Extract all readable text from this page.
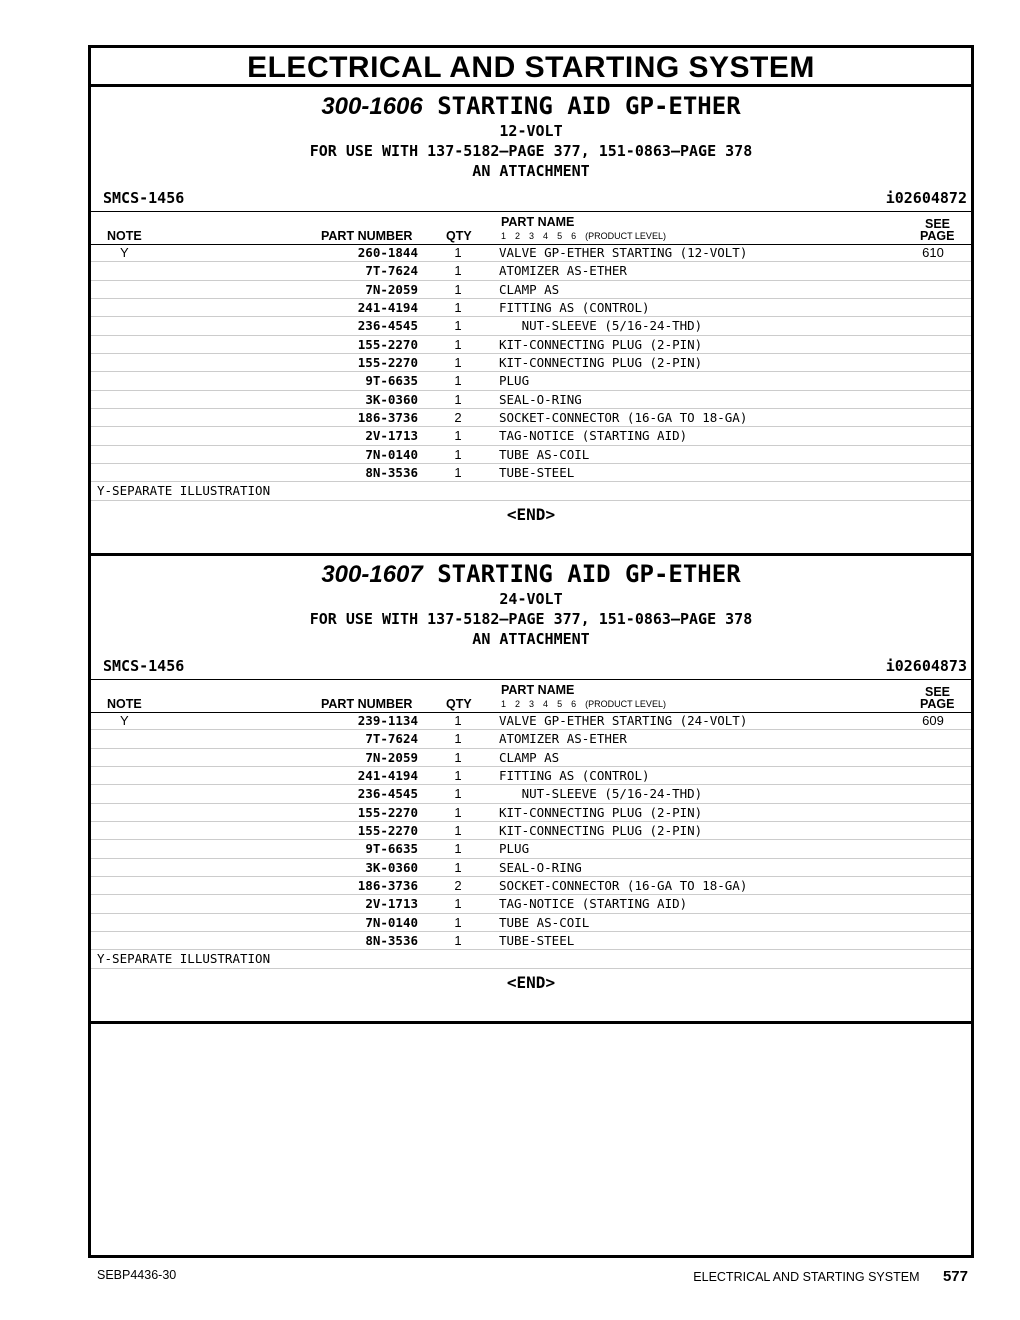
ELECTRICAL AND STARTING SYSTEM
300-1606 STARTING AID GP-ETHER
12-VOLT
FOR USE WITH 137-5182—PAGE 377, 151-0863—PAGE 378
AN ATTACHMENT
SMCS-1456	i02604872
NOTE	PART NUMBER	QTY
PART NAME
1 2 3 4 5 6 (PRODUCT LEVEL)
SEE
PAGE
Y	260-1844	1	VALVE GP-ETHER STARTING (12-VOLT)	610
7T-7624	1	ATOMIZER AS-ETHER
7N-2059	1	CLAMP AS
241-4194	1	FITTING AS (CONTROL)
236-4545	1	NUT-SLEEVE (5/16-24-THD)
155-2270	1	KIT-CONNECTING PLUG (2-PIN)
155-2270	1	KIT-CONNECTING PLUG (2-PIN)
9T-6635	1	PLUG
3K-0360	1	SEAL-O-RING
186-3736	2	SOCKET-CONNECTOR (16-GA TO 18-GA)
2V-1713	1	TAG-NOTICE (STARTING AID)
7N-0140	1	TUBE AS-COIL
8N-3536	1	TUBE-STEEL
Y-SEPARATE ILLUSTRATION
<END>
300-1607 STARTING AID GP-ETHER
24-VOLT
FOR USE WITH 137-5182—PAGE 377, 151-0863—PAGE 378
AN ATTACHMENT
SMCS-1456	i02604873
NOTE	PART NUMBER	QTY
PART NAME
1 2 3 4 5 6 (PRODUCT LEVEL)
SEE
PAGE
Y	239-1134	1	VALVE GP-ETHER STARTING (24-VOLT)	609
7T-7624	1	ATOMIZER AS-ETHER
7N-2059	1	CLAMP AS
241-4194	1	FITTING AS (CONTROL)
236-4545	1	NUT-SLEEVE (5/16-24-THD)
155-2270	1	KIT-CONNECTING PLUG (2-PIN)
155-2270	1	KIT-CONNECTING PLUG (2-PIN)
9T-6635	1	PLUG
3K-0360	1	SEAL-O-RING
186-3736	2	SOCKET-CONNECTOR (16-GA TO 18-GA)
2V-1713	1	TAG-NOTICE (STARTING AID)
7N-0140	1	TUBE AS-COIL
8N-3536	1	TUBE-STEEL
Y-SEPARATE ILLUSTRATION
<END>
SEBP4436-30	ELECTRICAL AND STARTING SYSTEM 577
